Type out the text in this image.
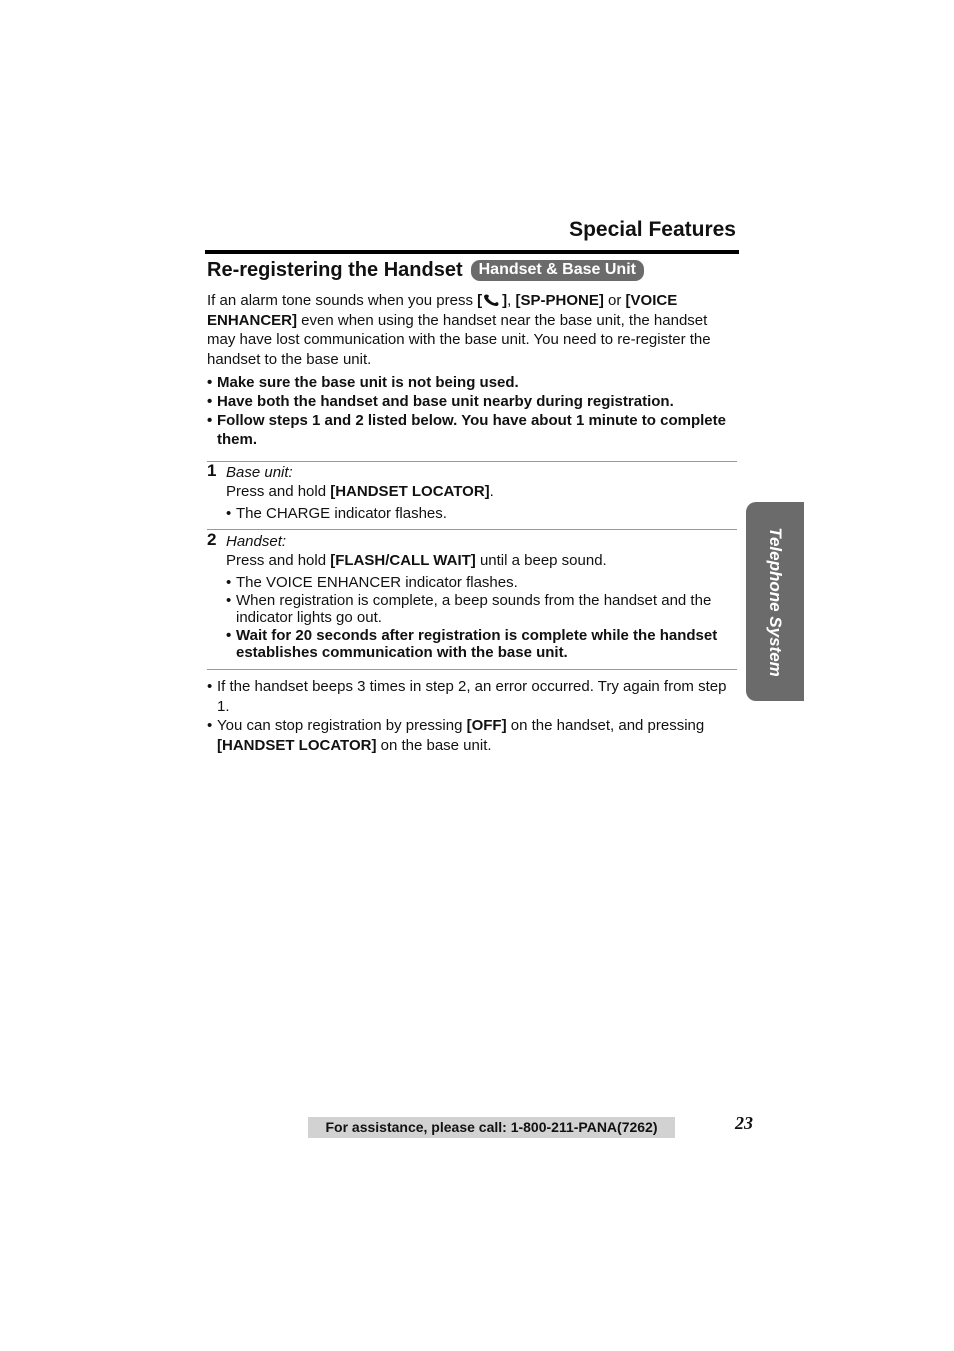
Special Features
Re-registering the Handset	Handset & Base Unit
If an alarm tone sounds when you press [ ], [SP-PHONE] or [VOICE ENHANCER] even when using the handset near the base unit, the handset may have lost communication with the base unit. You need to re-register the handset to the base unit.
• Make sure the base unit is not being used.
• Have both the handset and base unit nearby during registration.
• Follow steps 1 and 2 listed below. You have about 1 minute to complete them.
1 Base unit:
Press and hold [HANDSET LOCATOR].
• The CHARGE indicator flashes.
2 Handset:
Press and hold [FLASH/CALL WAIT] until a beep sound.
• The VOICE ENHANCER indicator flashes.
• When registration is complete, a beep sounds from the handset and the indicator lights go out.
• Wait for 20 seconds after registration is complete while the handset establishes communication with the base unit.
• If the handset beeps 3 times in step 2, an error occurred. Try again from step 1.
• You can stop registration by pressing [OFF] on the handset, and pressing [HANDSET LOCATOR] on the base unit.
Telephone System
For assistance, please call: 1-800-211-PANA(7262)	23
